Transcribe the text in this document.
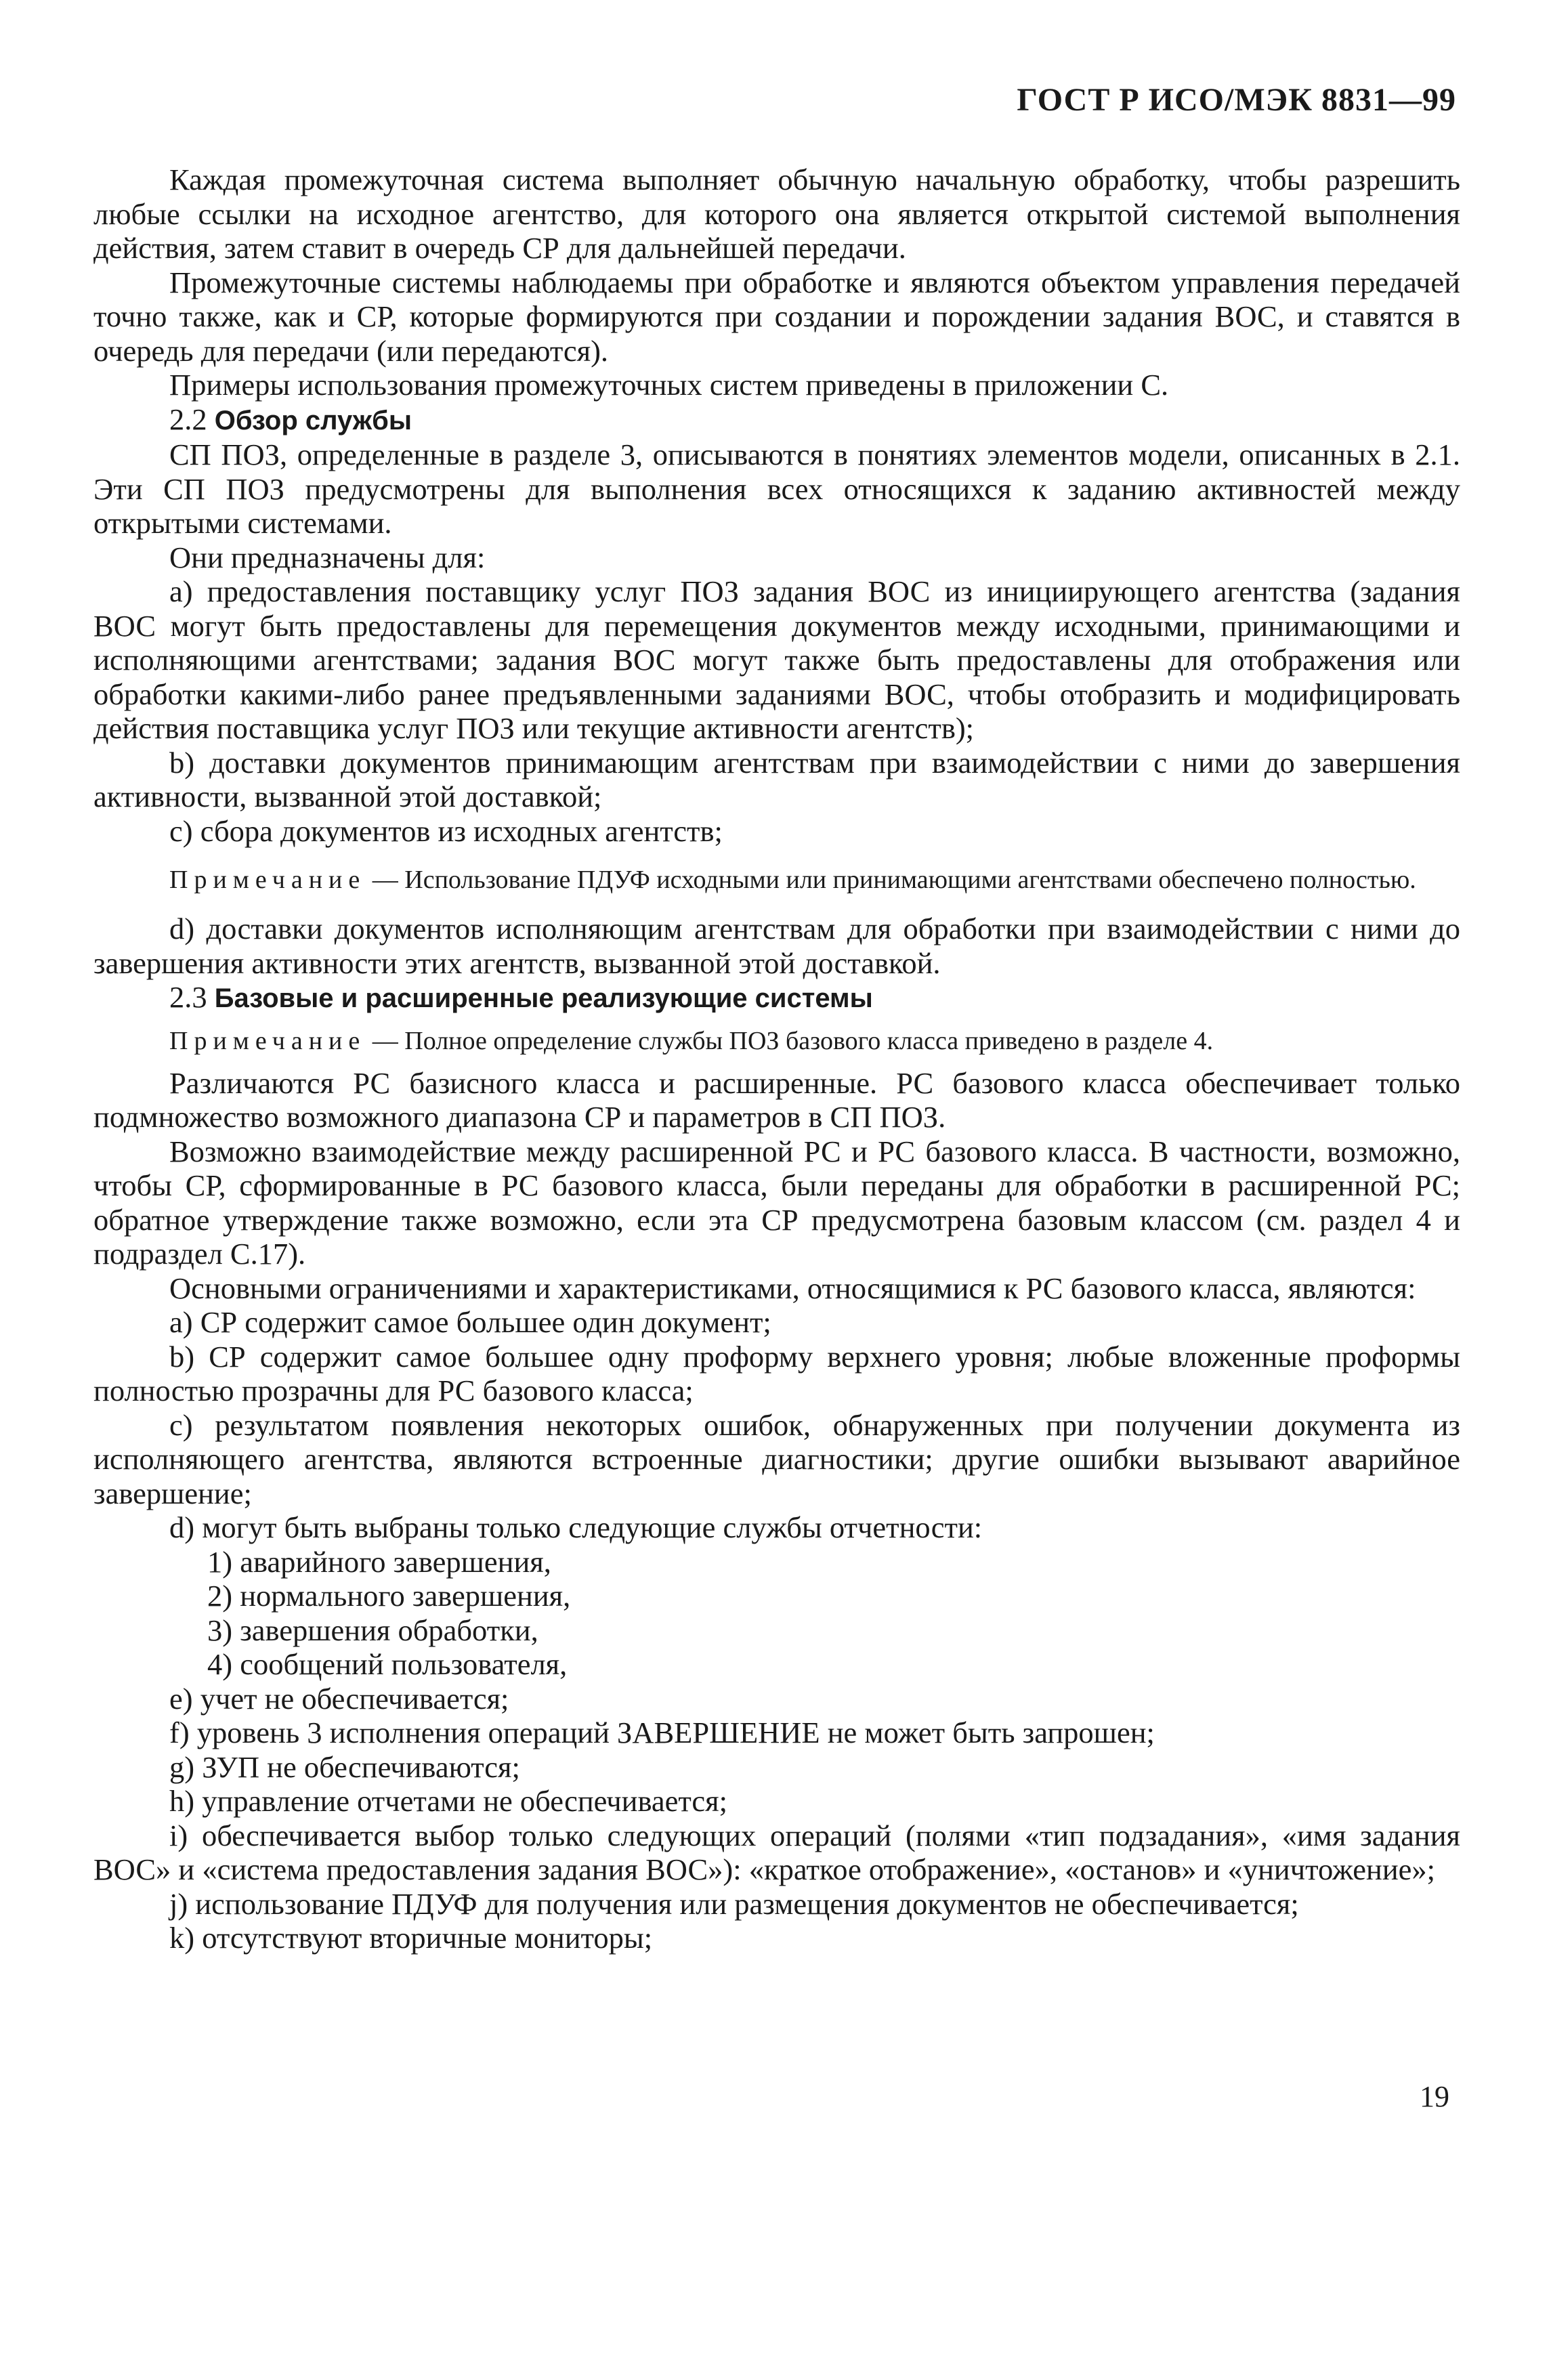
ГОСТ Р ИСО/МЭК 8831—99

Каждая промежуточная система выполняет обычную начальную обработку, чтобы разрешить любые ссылки на исходное агентство, для которого она является открытой системой выполнения действия, затем ставит в очередь СР для дальнейшей передачи.

Промежуточные системы наблюдаемы при обработке и являются объектом управления передачей точно также, как и СР, которые формируются при создании и порождении задания ВОС, и ставятся в очередь для передачи (или передаются).

Примеры использования промежуточных систем приведены в приложении С.

2.2 Обзор службы

СП ПОЗ, определенные в разделе 3, описываются в понятиях элементов модели, описанных в 2.1. Эти СП ПОЗ предусмотрены для выполнения всех относящихся к заданию активностей между открытыми системами.

Они предназначены для:

а) предоставления поставщику услуг ПОЗ задания ВОС из инициирующего агентства (задания ВОС могут быть предоставлены для перемещения документов между исходными, принимающими и исполняющими агентствами; задания ВОС могут также быть предоставлены для отображения или обработки какими-либо ранее предъявленными заданиями ВОС, чтобы отобразить и модифицировать действия поставщика услуг ПОЗ или текущие активности агентств);

b) доставки документов принимающим агентствам при взаимодействии с ними до завершения активности, вызванной этой доставкой;

с) сбора документов из исходных агентств;

Примечание — Использование ПДУФ исходными или принимающими агентствами обеспечено полностью.

d) доставки документов исполняющим агентствам для обработки при взаимодействии с ними до завершения активности этих агентств, вызванной этой доставкой.

2.3 Базовые и расширенные реализующие системы

Примечание — Полное определение службы ПОЗ базового класса приведено в разделе 4.

Различаются РС базисного класса и расширенные. РС базового класса обеспечивает только подмножество возможного диапазона СР и параметров в СП ПОЗ.

Возможно взаимодействие между расширенной РС и РС базового класса. В частности, возможно, чтобы СР, сформированные в РС базового класса, были переданы для обработки в расширенной РС; обратное утверждение также возможно, если эта СР предусмотрена базовым классом (см. раздел 4 и подраздел С.17).

Основными ограничениями и характеристиками, относящимися к РС базового класса, являются:

а) СР содержит самое большее один документ;

b) СР содержит самое большее одну проформу верхнего уровня; любые вложенные проформы полностью прозрачны для РС базового класса;

с) результатом появления некоторых ошибок, обнаруженных при получении документа из исполняющего агентства, являются встроенные диагностики; другие ошибки вызывают аварийное завершение;

d) могут быть выбраны только следующие службы отчетности:

1) аварийного завершения,

2) нормального завершения,

3) завершения обработки,

4) сообщений пользователя,

е) учет не обеспечивается;

f) уровень 3 исполнения операций ЗАВЕРШЕНИЕ не может быть запрошен;

g) ЗУП не обеспечиваются;

h) управление отчетами не обеспечивается;

i) обеспечивается выбор только следующих операций (полями «тип подзадания», «имя задания ВОС» и «система предоставления задания ВОС»): «краткое отображение», «останов» и «уничтожение»;

j) использование ПДУФ для получения или размещения документов не обеспечивается;

k) отсутствуют вторичные мониторы;

19
